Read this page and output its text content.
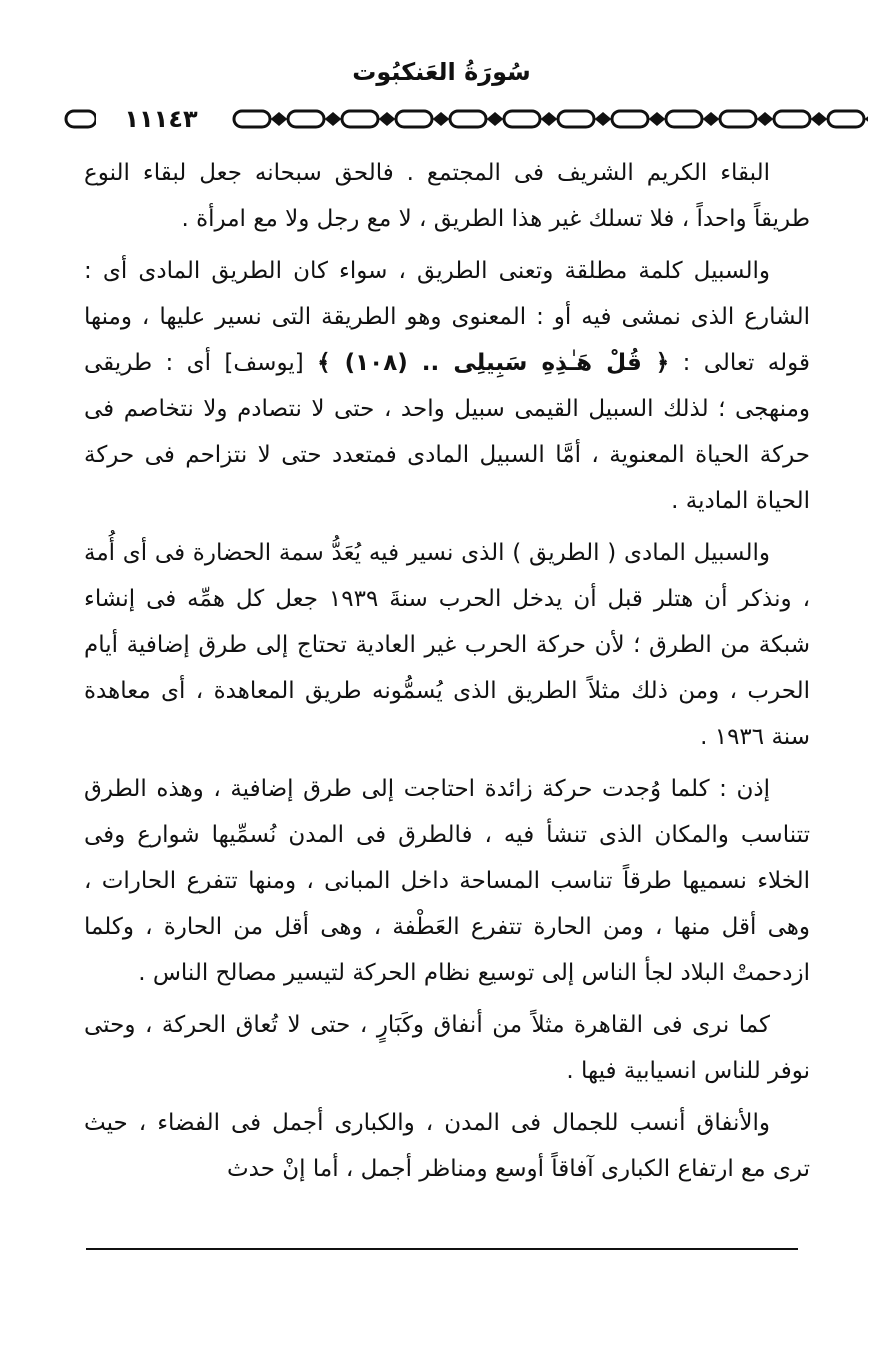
سُورَةُ العَنكبُوت
١١١٤٣

البقاء الكريم الشريف فى المجتمع . فالحق سبحانه جعل لبقاء النوع طريقاً واحداً ، فلا تسلك غير هذا الطريق ، لا مع رجل ولا مع امرأة .

والسبيل كلمة مطلقة وتعنى الطريق ، سواء كان الطريق المادى أى : الشارع الذى نمشى فيه أو : المعنوى وهو الطريقة التى نسير عليها ، ومنها قوله تعالى : ﴿ قُلْ هَـٰذِهِ سَبِيلِى .. (١٠٨) ﴾ [يوسف] أى : طريقى ومنهجى ؛ لذلك السبيل القيمى سبيل واحد ، حتى لا نتصادم ولا نتخاصم فى حركة الحياة المعنوية ، أمَّا السبيل المادى فمتعدد حتى لا نتزاحم فى حركة الحياة المادية .

والسبيل المادى ( الطريق ) الذى نسير فيه يُعَدُّ سمة الحضارة فى أى أُمة ، ونذكر أن هتلر قبل أن يدخل الحرب سنةَ ١٩٣٩ جعل كل همِّه فى إنشاء شبكة من الطرق ؛ لأن حركة الحرب غير العادية تحتاج إلى طرق إضافية أيام الحرب ، ومن ذلك مثلاً الطريق الذى يُسمُّونه طريق المعاهدة ، أى معاهدة سنة ١٩٣٦ .

إذن : كلما وُجدت حركة زائدة احتاجت إلى طرق إضافية ، وهذه الطرق تتناسب والمكان الذى تنشأ فيه ، فالطرق فى المدن نُسمِّيها شوارع وفى الخلاء نسميها طرقاً تناسب المساحة داخل المبانى ، ومنها تتفرع الحارات ، وهى أقل منها ، ومن الحارة تتفرع العَطْفة ، وهى أقل من الحارة ، وكلما ازدحمتْ البلاد لجأ الناس إلى توسيع نظام الحركة لتيسير مصالح الناس .

كما نرى فى القاهرة مثلاً من أنفاق وكَبَارٍ ، حتى لا تُعاق الحركة ، وحتى نوفر للناس انسيابية فيها .

والأنفاق أنسب للجمال فى المدن ، والكبارى أجمل فى الفضاء ، حيث ترى مع ارتفاع الكبارى آفاقاً أوسع ومناظر أجمل ، أما إنْ حدث
